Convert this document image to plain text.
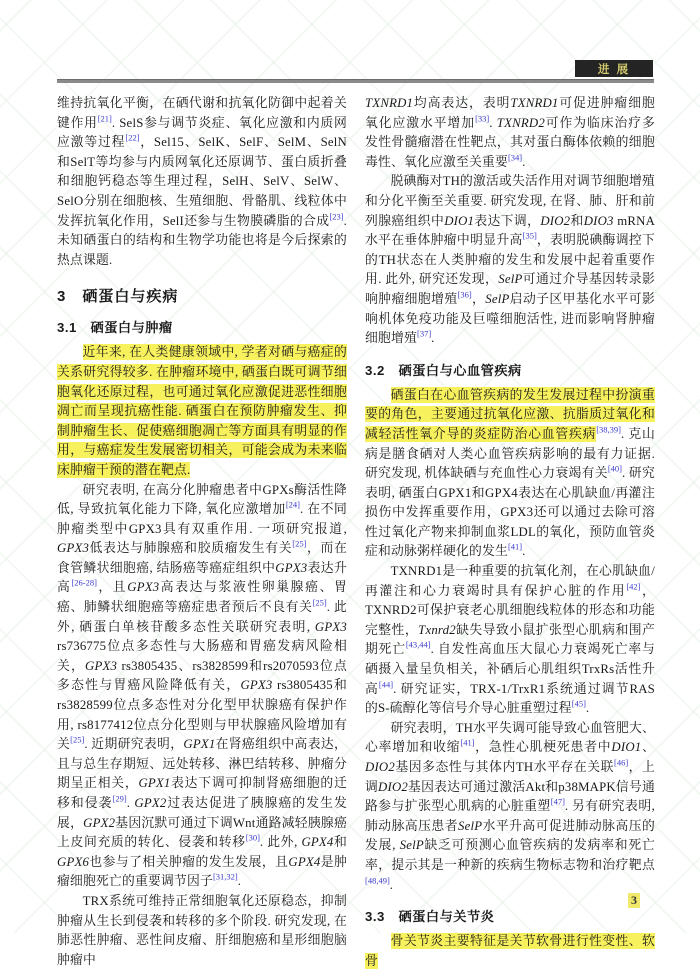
进 展

维持抗氧化平衡，在硒代谢和抗氧化防御中起着关键作用[21]. SelS参与调节炎症、氧化应激和内质网应激等过程[22]，Sel15、SelK、SelF、SelM、SelN和SelT等均参与内质网氧化还原调节、蛋白质折叠和细胞钙稳态等生理过程，SelH、SelV、SelW、SelO分别在细胞核、生殖细胞、骨骼肌、线粒体中发挥抗氧化作用，SelI还参与生物膜磷脂的合成[23]. 未知硒蛋白的结构和生物学功能也将是今后探索的热点课题.

3　硒蛋白与疾病
3.1　硒蛋白与肿瘤

近年来, 在人类健康领域中, 学者对硒与癌症的关系研究得较多. 在肿瘤环境中, 硒蛋白既可调节细胞氧化还原过程，也可通过氧化应激促进恶性细胞凋亡而呈现抗癌性能. 硒蛋白在预防肿瘤发生、抑制肿瘤生长、促使癌细胞凋亡等方面具有明显的作用，与癌症发生发展密切相关，可能会成为未来临床肿瘤干预的潜在靶点.

研究表明, 在高分化肿瘤患者中GPXs酶活性降低, 导致抗氧化能力下降, 氧化应激增加[24]. 在不同肿瘤类型中GPX3具有双重作用. 一项研究报道, GPX3低表达与肺腺癌和胶质瘤发生有关[25]，而在食管鳞状细胞癌, 结肠癌等癌症组织中GPX3表达升高[26-28]，且GPX3高表达与浆液性卵巢腺癌、胃癌、肺鳞状细胞癌等癌症患者预后不良有关[25]. 此外, 硒蛋白单核苷酸多态性关联研究表明, GPX3 rs736775位点多态性与大肠癌和胃癌发病风险相关，GPX3 rs3805435、rs3828599和rs2070593位点多态性与胃癌风险降低有关，GPX3 rs3805435和rs3828599位点多态性对分化型甲状腺癌有保护作用, rs8177412位点分化型则与甲状腺癌风险增加有关[25]. 近期研究表明，GPX1在肾癌组织中高表达，且与总生存期短、远处转移、淋巴结转移、肿瘤分期呈正相关，GPX1表达下调可抑制肾癌细胞的迁移和侵袭[29]. GPX2过表达促进了胰腺癌的发生发展，GPX2基因沉默可通过下调Wnt通路减轻胰腺癌上皮间充质的转化、侵袭和转移[30]. 此外, GPX4和GPX6也参与了相关肿瘤的发生发展，且GPX4是肿瘤细胞死亡的重要调节因子[31,32].

TRX系统可维持正常细胞氧化还原稳态，抑制肿瘤从生长到侵袭和转移的多个阶段. 研究发现, 在肺恶性肿瘤、恶性间皮瘤、肝细胞癌和星形细胞脑肿瘤中

TXNRD1均高表达，表明TXNRD1可促进肿瘤细胞氧化应激水平增加[33]. TXNRD2可作为临床治疗多发性骨髓瘤潜在性靶点，其对蛋白酶体依赖的细胞毒性、氧化应激至关重要[34].

脱碘酶对TH的激活或失活作用对调节细胞增殖和分化平衡至关重要. 研究发现, 在肾、肺、肝和前列腺癌组织中DIO1表达下调，DIO2和DIO3 mRNA水平在垂体肿瘤中明显升高[35]，表明脱碘酶调控下的TH状态在人类肿瘤的发生和发展中起着重要作用. 此外, 研究还发现，SelP可通过介导基因转录影响肿瘤细胞增殖[36]，SelP启动子区甲基化水平可影响机体免疫功能及巨噬细胞活性, 进而影响肾肿瘤细胞增殖[37].

3.2　硒蛋白与心血管疾病

硒蛋白在心血管疾病的发生发展过程中扮演重要的角色，主要通过抗氧化应激、抗脂质过氧化和减轻活性氧介导的炎症防治心血管疾病[38,39]. 克山病是膳食硒对人类心血管疾病影响的最有力证据. 研究发现, 机体缺硒与充血性心力衰竭有关[40]. 研究表明, 硒蛋白GPX1和GPX4表达在心肌缺血/再灌注损伤中发挥重要作用，GPX3还可以通过去除可溶性过氧化产物来抑制血浆LDL的氧化，预防血管炎症和动脉粥样硬化的发生[41].

TXNRD1是一种重要的抗氧化剂，在心肌缺血/再灌注和心力衰竭时具有保护心脏的作用[42]，TXNRD2可保护衰老心肌细胞线粒体的形态和功能完整性，Txnrd2缺失导致小鼠扩张型心肌病和围产期死亡[43,44]. 自发性高血压大鼠心力衰竭死亡率与硒摄入量呈负相关，补硒后心肌组织TrxRs活性升高[44]. 研究证实，TRX-1/TrxR1系统通过调节RAS的S-硫醇化等信号介导心脏重塑过程[45].

研究表明，TH水平失调可能导致心血管肥大、心率增加和收缩[41]，急性心肌梗死患者中DIO1、DIO2基因多态性与其体内TH水平存在关联[46]，上调DIO2基因表达可通过激活Akt和p38MAPK信号通路参与扩张型心肌病的心脏重塑[47]. 另有研究表明, 肺动脉高压患者SelP水平升高可促进肺动脉高压的发展, SelP缺乏可预测心血管疾病的发病率和死亡率，提示其是一种新的疾病生物标志物和治疗靶点[48,49].

3.3　硒蛋白与关节炎

骨关节炎主要特征是关节软骨进行性变性、软骨

3
